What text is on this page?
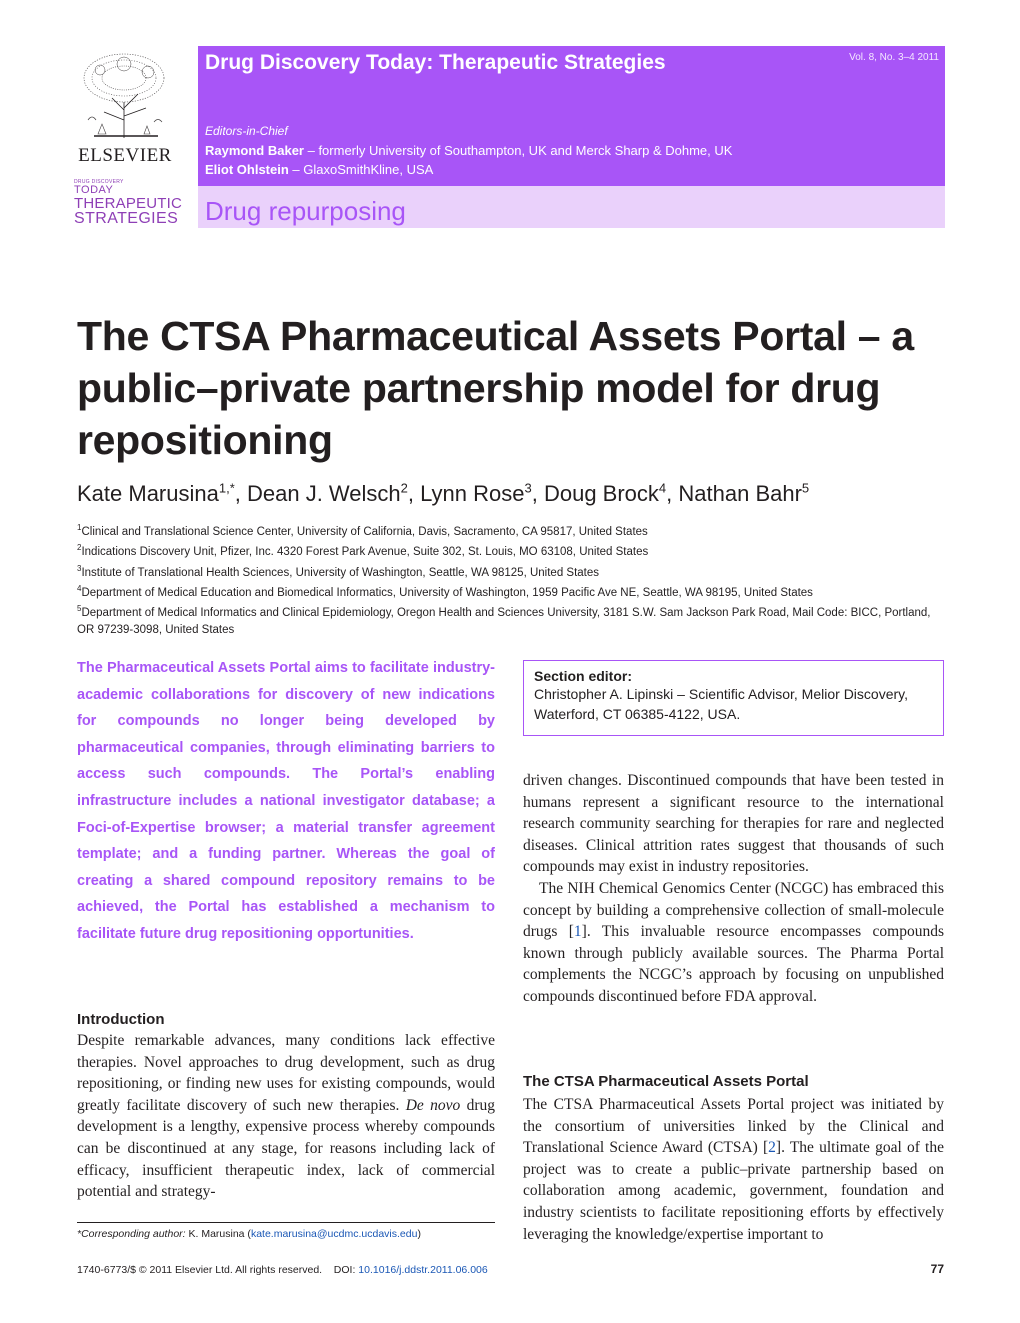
ELSEVIER
DRUG DISCOVERY
TODAY
THERAPEUTIC
STRATEGIES
Drug Discovery Today: Therapeutic Strategies	Vol. 8, No. 3–4 2011
Editors-in-Chief
Raymond Baker – formerly University of Southampton, UK and Merck Sharp & Dohme, UK
Eliot Ohlstein – GlaxoSmithKline, USA
Drug repurposing
The CTSA Pharmaceutical Assets Portal – a public–private partnership model for drug repositioning
Kate Marusina$^{1,*}$, Dean J. Welsch$^2$, Lynn Rose$^3$, Doug Brock$^4$, Nathan Bahr$^5$
$^1$Clinical and Translational Science Center, University of California, Davis, Sacramento, CA 95817, United States
$^2$Indications Discovery Unit, Pfizer, Inc. 4320 Forest Park Avenue, Suite 302, St. Louis, MO 63108, United States
$^3$Institute of Translational Health Sciences, University of Washington, Seattle, WA 98125, United States
$^4$Department of Medical Education and Biomedical Informatics, University of Washington, 1959 Pacific Ave NE, Seattle, WA 98195, United States
$^5$Department of Medical Informatics and Clinical Epidemiology, Oregon Health and Sciences University, 3181 S.W. Sam Jackson Park Road, Mail Code: BICC, Portland, OR 97239-3098, United States
The Pharmaceutical Assets Portal aims to facilitate industry-academic collaborations for discovery of new indications for compounds no longer being developed by pharmaceutical companies, through eliminating barriers to access such compounds. The Portal’s enabling infrastructure includes a national investigator database; a Foci-of-Expertise browser; a material transfer agreement template; and a funding partner. Whereas the goal of creating a shared compound repository remains to be achieved, the Portal has established a mechanism to facilitate future drug repositioning opportunities.
Section editor:
Christopher A. Lipinski – Scientific Advisor, Melior Discovery, Waterford, CT 06385-4122, USA.
Introduction

Despite remarkable advances, many conditions lack effective therapies. Novel approaches to drug development, such as drug repositioning, or finding new uses for existing compounds, would greatly facilitate discovery of such new therapies. De novo drug development is a lengthy, expensive process whereby compounds can be discontinued at any stage, for reasons including lack of efficacy, insufficient therapeutic index, lack of commercial potential and strategy-

driven changes. Discontinued compounds that have been tested in humans represent a significant resource to the international research community searching for therapies for rare and neglected diseases. Clinical attrition rates suggest that thousands of such compounds may exist in industry repositories.

The NIH Chemical Genomics Center (NCGC) has embraced this concept by building a comprehensive collection of small-molecule drugs [1]. This invaluable resource encompasses compounds known through publicly available sources. The Pharma Portal complements the NCGC’s approach by focusing on unpublished compounds discontinued before FDA approval.

The CTSA Pharmaceutical Assets Portal

The CTSA Pharmaceutical Assets Portal project was initiated by the consortium of universities linked by the Clinical and Translational Science Award (CTSA) [2]. The ultimate goal of the project was to create a public–private partnership based on collaboration among academic, government, foundation and industry scientists to facilitate repositioning efforts by effectively leveraging the knowledge/expertise important to

*Corresponding author: K. Marusina (kate.marusina@ucdmc.ucdavis.edu)
1740-6773/$ © 2011 Elsevier Ltd. All rights reserved. DOI: 10.1016/j.ddstr.2011.06.006	77
